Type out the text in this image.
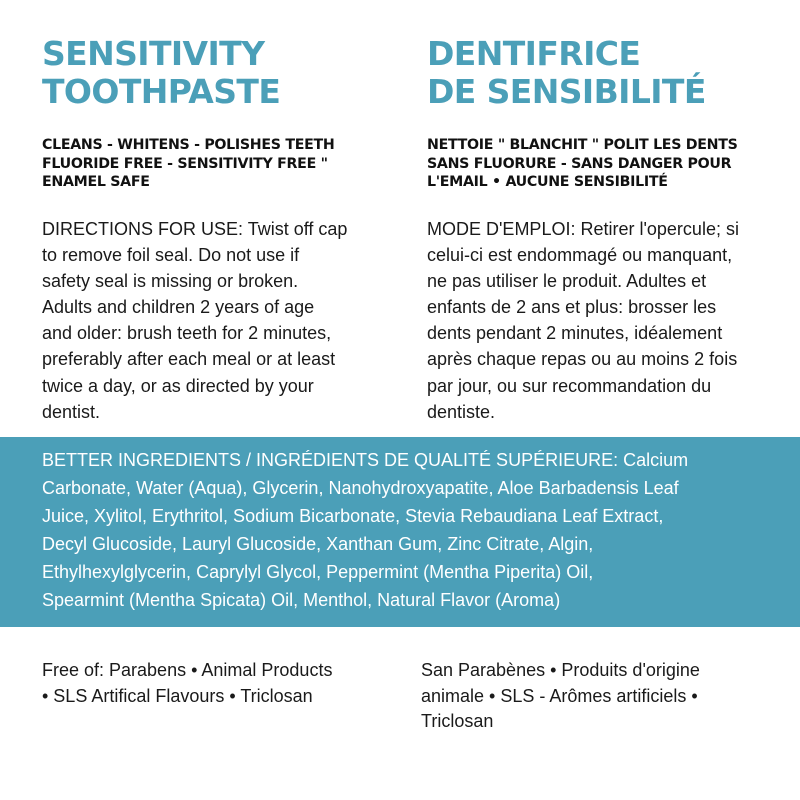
SENSITIVITY
TOOTHPASTE
CLEANS - WHITENS - POLISHES TEETH
FLUORIDE FREE - SENSITIVITY FREE "
ENAMEL SAFE
DIRECTIONS FOR USE: Twist off cap
to remove foil seal. Do not use if
safety seal is missing or broken.
Adults and children 2 years of age
and older: brush teeth for 2 minutes,
preferably after each meal or at least
twice a day, or as directed by your
dentist.
DENTIFRICE
DE SENSIBILITÉ
NETTOIE " BLANCHIT " POLIT LES DENTS
SANS FLUORURE - SANS DANGER POUR
L'EMAIL • AUCUNE SENSIBILITÉ
MODE D'EMPLOI: Retirer l'opercule; si
celui-ci est endommagé ou manquant,
ne pas utiliser le produit. Adultes et
enfants de 2 ans et plus: brosser les
dents pendant 2 minutes, idéalement
après chaque repas ou au moins 2 fois
par jour, ou sur recommandation du
dentiste.
BETTER INGREDIENTS / INGRÉDIENTS DE QUALITÉ SUPÉRIEURE: Calcium
Carbonate, Water (Aqua), Glycerin, Nanohydroxyapatite, Aloe Barbadensis Leaf
Juice, Xylitol, Erythritol, Sodium Bicarbonate, Stevia Rebaudiana Leaf Extract,
Decyl Glucoside, Lauryl Glucoside, Xanthan Gum, Zinc Citrate, Algin,
Ethylhexylglycerin, Caprylyl Glycol, Peppermint (Mentha Piperita) Oil,
Spearmint (Mentha Spicata) Oil, Menthol, Natural Flavor (Aroma)
Free of: Parabens • Animal Products
• SLS Artifical Flavours • Triclosan
San Parabènes • Produits d'origine
animale • SLS - Arômes artificiels •
Triclosan
